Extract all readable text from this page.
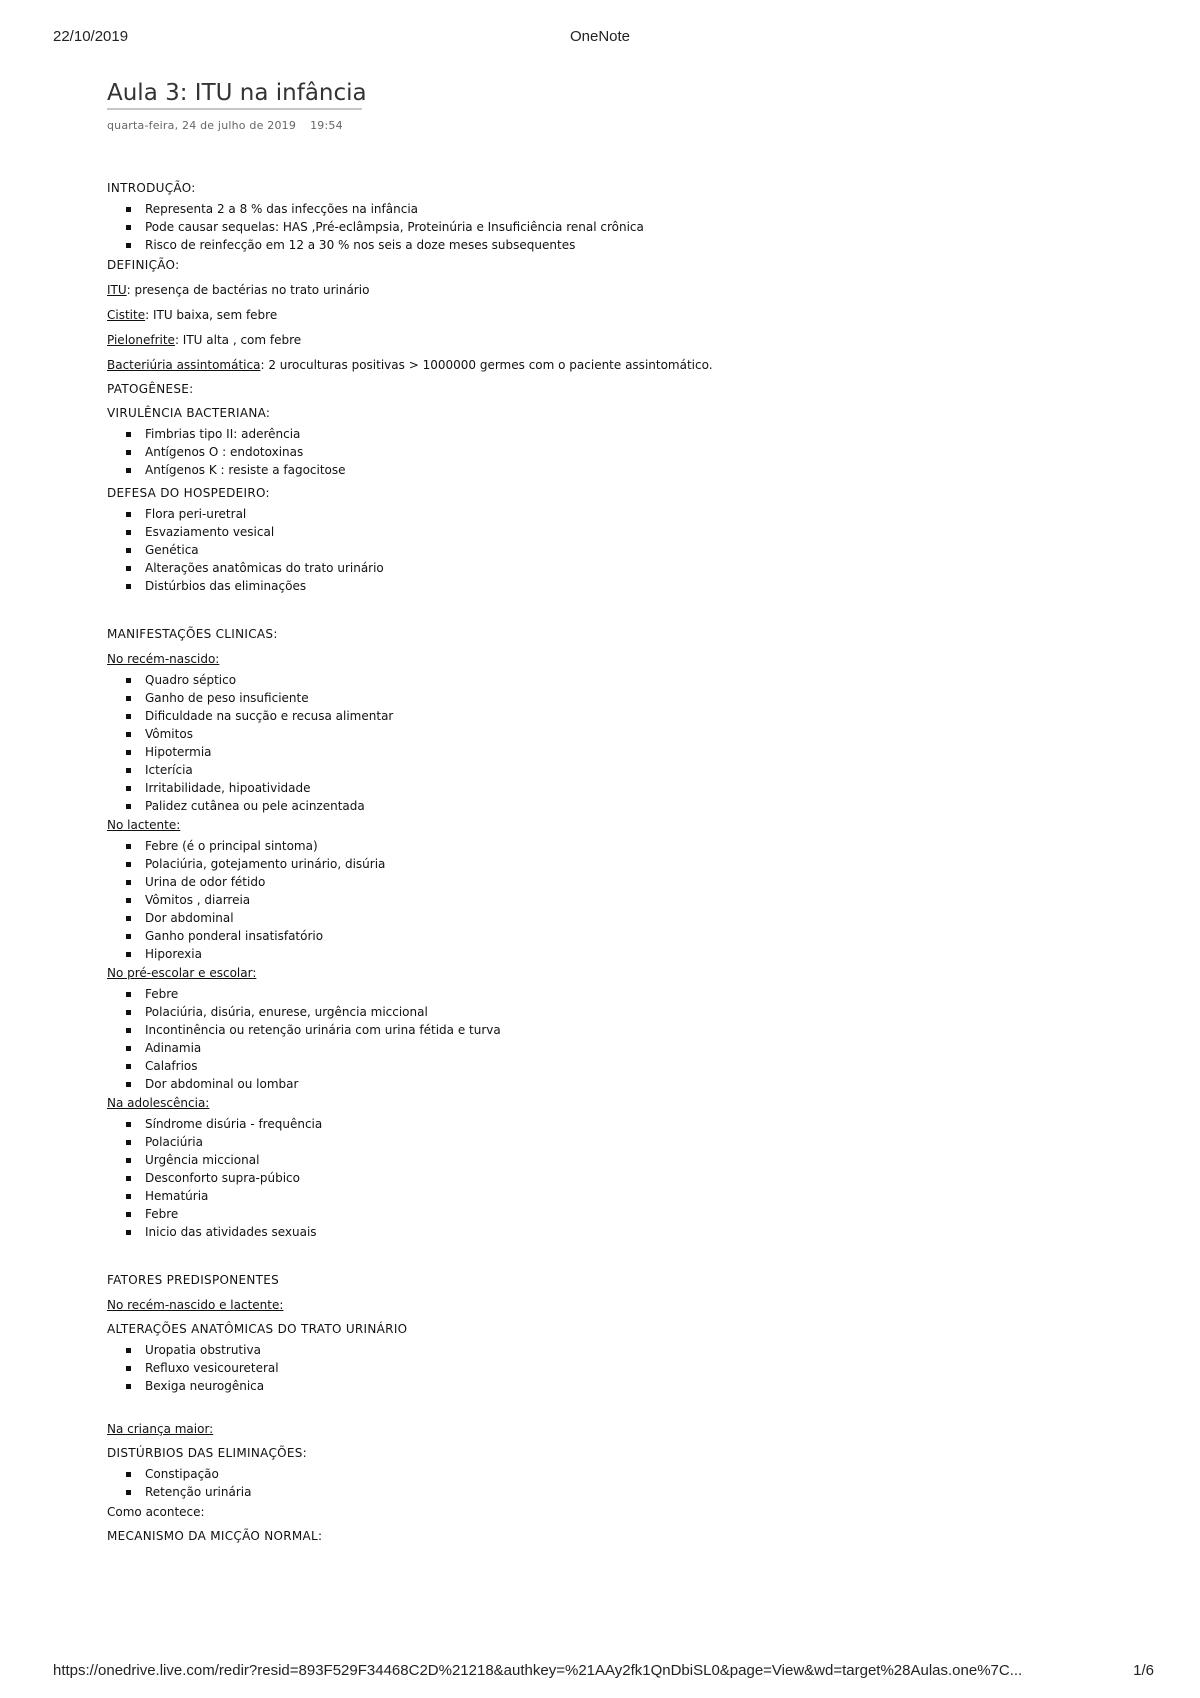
22/10/2019	OneNote
Aula 3: ITU na infância
quarta-feira, 24 de julho de 2019 19:54
INTRODUÇÃO:
Representa 2 a 8 % das infecções na infância
Pode causar sequelas: HAS ,Pré-eclâmpsia, Proteinúria e Insuficiência renal crônica
Risco de reinfecção em 12 a 30 % nos seis a doze meses subsequentes
DEFINIÇÃO:
ITU: presença de bactérias no trato urinário
Cistite: ITU baixa, sem febre
Pielonefrite: ITU alta , com febre
Bacteriúria assintomática: 2 uroculturas positivas > 1000000 germes com o paciente assintomático.
PATOGÊNESE:
VIRULÊNCIA BACTERIANA:
Fimbrias tipo II: aderência
Antígenos O : endotoxinas
Antígenos K : resiste a fagocitose
DEFESA DO HOSPEDEIRO:
Flora peri-uretral
Esvaziamento vesical
Genética
Alterações anatômicas do trato urinário
Distúrbios das eliminações
MANIFESTAÇÕES CLINICAS:
No recém-nascido:
Quadro séptico
Ganho de peso insuficiente
Dificuldade na sucção e recusa alimentar
Vômitos
Hipotermia
Icterícia
Irritabilidade, hipoatividade
Palidez cutânea ou pele acinzentada
No lactente:
Febre (é o principal sintoma)
Polaciúria, gotejamento urinário, disúria
Urina de odor fétido
Vômitos , diarreia
Dor abdominal
Ganho ponderal insatisfatório
Hiporexia
No pré-escolar e escolar:
Febre
Polaciúria, disúria, enurese, urgência miccional
Incontinência ou retenção urinária com urina fétida e turva
Adinamia
Calafrios
Dor abdominal ou lombar
Na adolescência:
Síndrome disúria - frequência
Polaciúria
Urgência miccional
Desconforto supra-púbico
Hematúria
Febre
Inicio das atividades sexuais
FATORES PREDISPONENTES
No recém-nascido e lactente:
ALTERAÇÕES ANATÔMICAS DO TRATO URINÁRIO
Uropatia obstrutiva
Refluxo vesicoureteral
Bexiga neurogênica
Na criança maior:
DISTÚRBIOS DAS ELIMINAÇÕES:
Constipação
Retenção urinária
Como acontece:
MECANISMO DA MICÇÃO NORMAL:
https://onedrive.live.com/redir?resid=893F529F34468C2D%21218&authkey=%21AAy2fk1QnDbiSL0&page=View&wd=target%28Aulas.one%7C...	1/6
